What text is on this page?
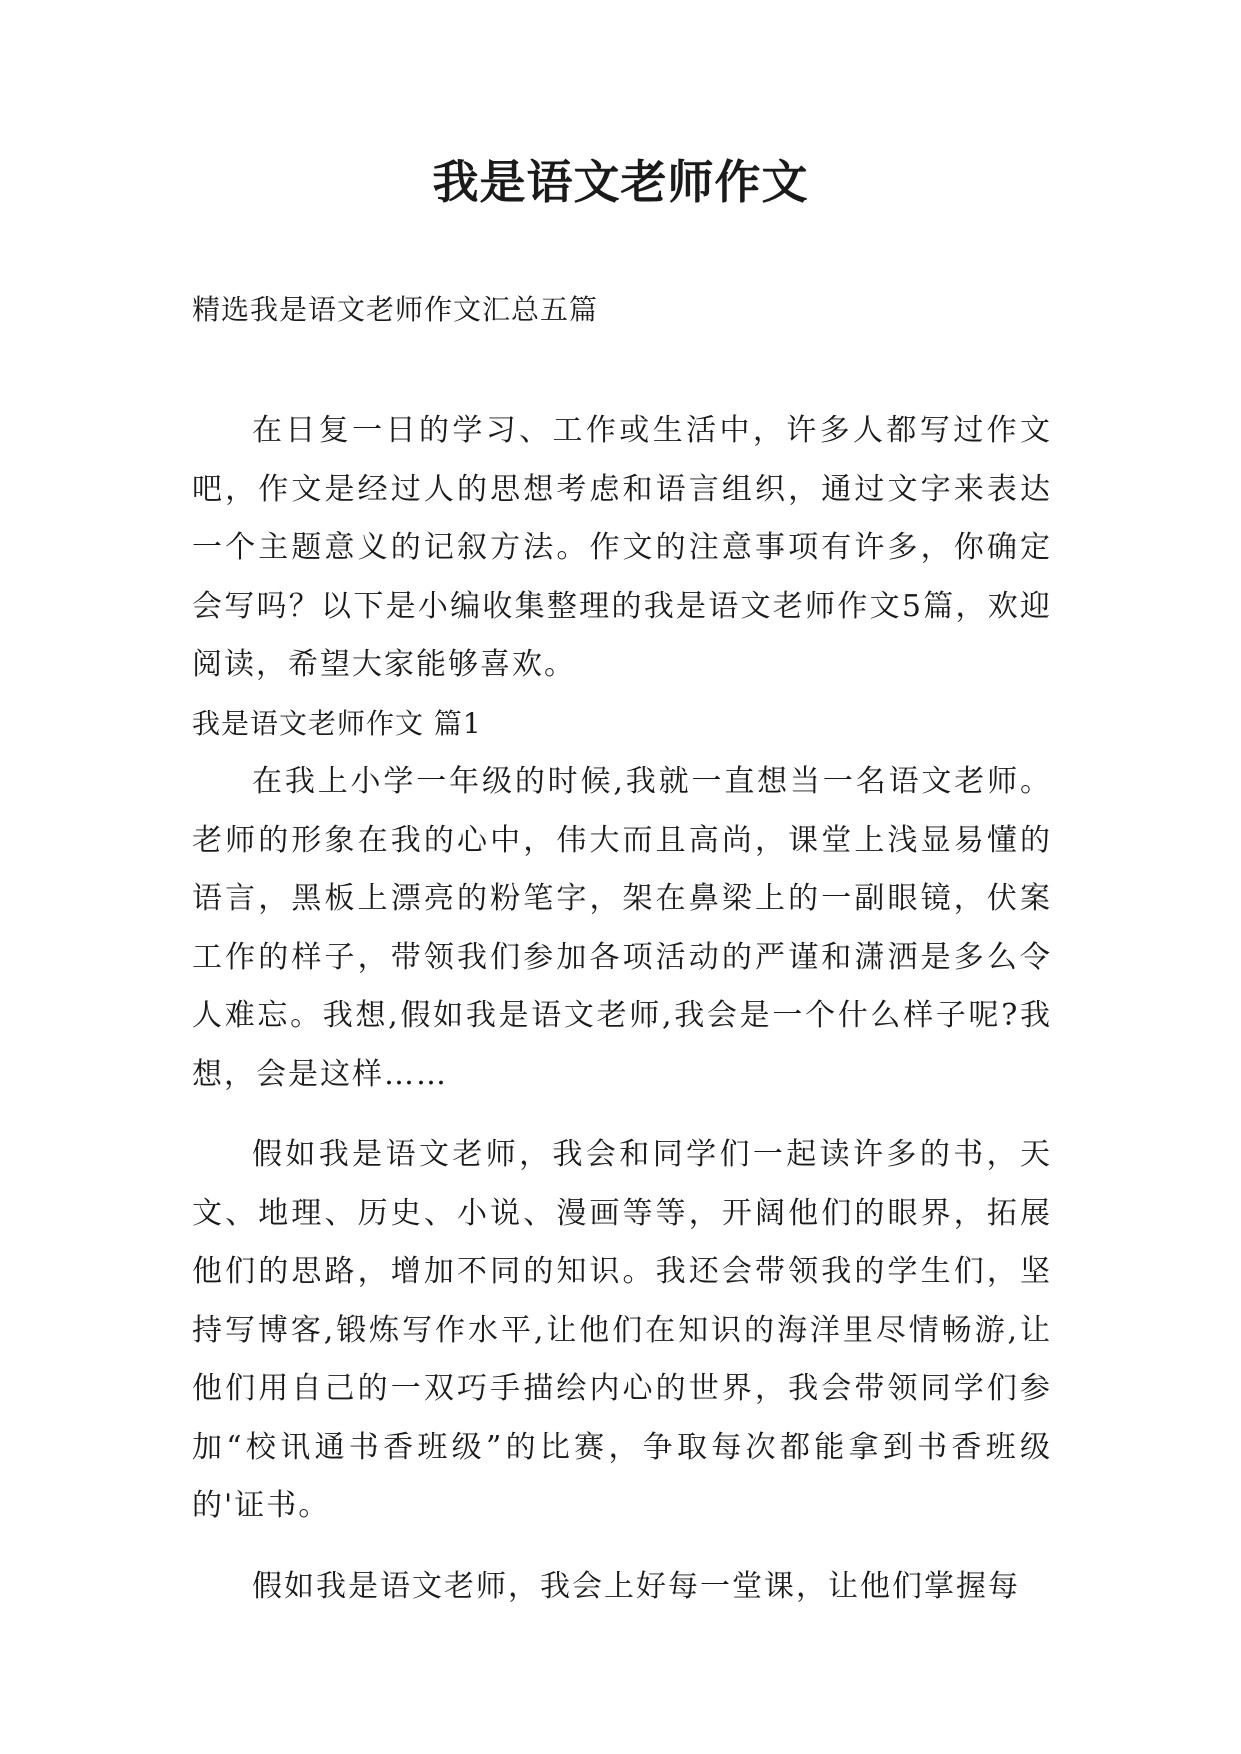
我是语文老师作文

精选我是语文老师作文汇总五篇

在日复一日的学习、工作或生活中，许多人都写过作文吧，作文是经过人的思想考虑和语言组织，通过文字来表达一个主题意义的记叙方法。作文的注意事项有许多，你确定会写吗？以下是小编收集整理的我是语文老师作文5篇，欢迎阅读，希望大家能够喜欢。

我是语文老师作文 篇1

在我上小学一年级的时候,我就一直想当一名语文老师。老师的形象在我的心中，伟大而且高尚，课堂上浅显易懂的语言，黑板上漂亮的粉笔字，架在鼻梁上的一副眼镜，伏案工作的样子，带领我们参加各项活动的严谨和潇洒是多么令人难忘。我想,假如我是语文老师,我会是一个什么样子呢?我想，会是这样……

假如我是语文老师，我会和同学们一起读许多的书，天文、地理、历史、小说、漫画等等，开阔他们的眼界，拓展他们的思路，增加不同的知识。我还会带领我的学生们，坚持写博客,锻炼写作水平,让他们在知识的海洋里尽情畅游,让他们用自己的一双巧手描绘内心的世界，我会带领同学们参加“校讯通书香班级”的比赛，争取每次都能拿到书香班级的'证书。

假如我是语文老师，我会上好每一堂课，让他们掌握每
